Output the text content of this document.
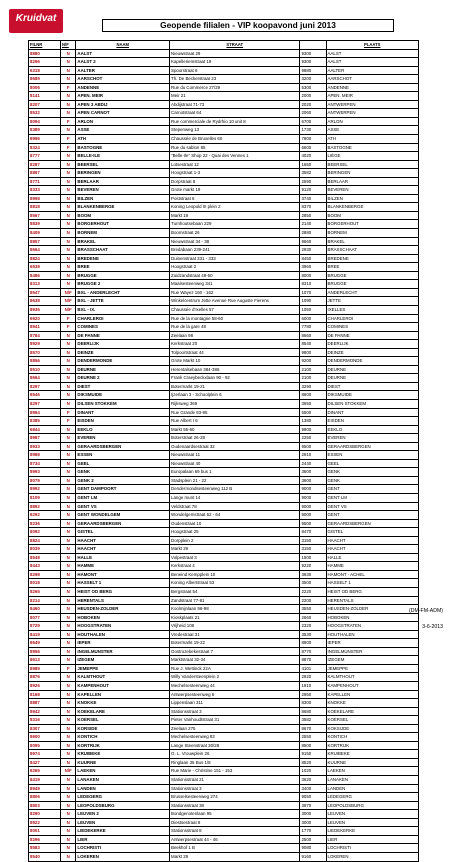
Kruidvat
Geopende filialen - VIP koopavond juni 2013
FILNR	N/F	NAAM	STRAAT		PLAATS
8880	N	AALST	Nieuwstraat 29	9300	AALST
8296	N	AALST 2	Kapelleriemstraat 19	9300	AALST
6318	N	AALTER	Spoorstraat 6	9880	AALTER
8689	N	AARSCHOT	Th. De Beckerstraat 23	3200	AARSCHOT
8006	F	ANDENNE	Rue du Commerce 27/29	5300	ANDENNE
8141	N	APEN. MEIR	Meir 21	2000	APEN. MEIR
8207	N	APEN 3 ABDIJ	Abdijstraat 71-73	2020	ANTWERPEN
8532	N	APEN CARNOT	Carnotstraat 64	2060	ANTWERPEN
8094	F	ARLON	Rue commerciale de Rydrhio 10 unit 8	6700	ARLON
8389	N	ASSE	Stepenweg 13	1730	ASSE
8996	F	ATH	Chaussée de Bruxelles 60	7800	ATH
8324	F	BASTOGNE	Rue du sablon 85	6600	BASTOGNE
8777	N	BELLE-ILE	"Belle-Ile" Shop 22 - Quai des Vennes 1	4020	LIÈGE
8287	N	BEERSEL	Lotsestraat 12	1650	BEERSEL
8867	N	BERINGEN	Hoogstraat 1-3	3582	BERINGEN
8771	N	BERLAAR	Dorpstraat 8	2590	BERLAAR
8333	N	BEVEREN	Grote markt 19	9120	BEVEREN
8998	N	BILZEN	Poststraat 6	3740	BILZEN
8818	N	BLANKENBERGE	Koning Leopold III plein 2	8370	BLANKENBERGE
8567	N	BOOM	Markt 19	2850	BOOM
8839	N	BORGERHOUT	Turnhoutsebaan 229	2140	BORGERHOUT
8409	N	BORNEM	Boomstraat 26	2880	BORNEM
8857	N	BRAKEL	Nieuwstraat 34 - 38	9660	BRAKEL
8664	N	BRASSCHAAT	Bredabaan 239-241	2930	BRASSCHAAT
8824	N	BREDENE	Duinenstraat 331 - 333	8450	BREDENE
6538	N	BREE	Hoogstraat 2	3960	BREE
8486	N	BRUGGE	Zuidzandstraat 48-50	8000	BRUGGE
8313	N	BRUGGE 2	Maalsesteenweg 341	8310	BRUGGE
8547	N/F	BXL - ANDERLECHT	Rue Wayez 160 - 162	1070	ANDERLECHT
8638	N/F	BXL - JETTE	Winkelcentrum Jette Avenue Rue Auguste Fierens	1090	JETTE
8936	N/F	BXL - IX.	Chaussée d'Ixelles 57	1050	IXELLES
6920	F	CHARLEROI	Rue de la montagne 58-60	6000	CHARLEROI
8941	F	COMINES	Rue de la gare 48	7780	COMINES
8784	N	DE PANNE	Zeelaan 98	8660	DE PANNE
8929	N	DEERLIJK	Kerkstraat 20	8540	DEERLIJK
8570	N	DEINZE	Tolpoortstraat 44	9800	DEINZE
8856	N	DENDERMONDE	Grote Markt 10	9200	DENDERMONDE
8510	N	DEURNE	Herentalsebaan 384-386	2100	DEURNE
8664	N	DEURNE 2	Frank Craeybeckxlaan 90 - 92	2100	DEURNE
8297	N	DIEST	Botermarkt 19-21	3290	DIEST
8546	N	DIKSMUIDE	Ijzerlaan 3 - Schoolplein 6	8600	DIKSMUIDE
8297	N	DILSEN STOKKEM	Rijksweg 369	3650	DILSEN STOKKEM
8994	F	DINANT	Rue Grande 93-95	5500	DINANT
8385	F	EISDEN	Rue Albert I 6	1380	EISDEN
6844	N	EEKLO	Markt 55-60	9900	EEKLO
8987	N	EVEREN	Boterstraat 26-28	2250	EVEREN
8933	N	GERAARDSBERGEN	Oudenaardsestraat 32	9500	GERAARDSBERGEN
8988	N	ESSEN	Nieuwstraat 11	2910	ESSEN
8734	N	GEEL	Nieuwstraat 40	2440	GEEL
8993	N	GENK	Europalaan 69 bus 1	3600	GENK
8079	N	GENK 2	Stadsplein 21 - 22	3600	GENK
8992	N	GENT DAMPOORT	Dendermondsesteenweg 112 B	9000	GENT
8109	N	GENT LM	Lange munt 14	9000	GENT LM
8892	N	GENT VS	Veldstraat 78	9000	GENT VS
8292	N	GENT WONDELGEM	Wondelgemstraat 62 - 64	9000	GENT
8236	N	GERAARDSBERGEN	Oudenstraat 10	9500	GERAARDSBERGEN
8092	N	GISTEL	Hoogstraat 25	8470	GISTEL
8824	N	HAACHT	Dorpplein 2	3150	HAACHT
8039	N	HAACHT	Markt 29	3150	HAACHT
8548	N	HALLE	Volpestraat 3	1500	HALLE
8443	N	HAMME	Kerkstraat 4	9220	HAMME
8298	N	HAMONT	Beneind Kempplein 10	3930	HAMONT - ACHEL
8018	N	HASSELT 1	Koning Albertstraat 53	3500	HASSELT 1
8265	N	HEIST OD BERG	Bergstraat 54	2220	HEIST OD BERG
8214	N	HERENTALS	Zandstraat 77-81	2200	HERENTALS
8460	N	HEUSDEN-ZOLDER	Koolmijnlaan 96-98	3550	HEUSDEN-ZOLDER
8077	N	HOBOKEN	Kioskplaats 21	2660	HOBOKEN
8729	N	HOOGSTRATEN	Vrijheid 108	2320	HOOGSTRATEN
8419	N	HOUTHALEN	Vredestraat 31	3530	HOUTHALEN
8649	N	IEPER	Botermarkt 19-22	8900	IEPER
8956	N	INGELMUNSTER	Oostrozebekestraat 7	8770	INGELMUNSTER
8613	N	IZEGEM	Marktstraat 32-34	8870	IZEGEM
8989	F	JEMEPPE	Rue J. Wettinck 22A	4101	JEMEPPE
8876	N	KALMTHOUT	Willy Vandersteenplein 2	2920	KALMTHOUT
8926	N	KAMPENHOUT	Mechelsesteenweg 44	1910	KAMPENHOUT
8168	N	KAPELLEN	Antwerpsesteenweg 6	2950	KAPELLEN
8887	N	KNOKKE	Lippenslaan 311	8300	KNOKKE
8942	N	KOEKELARE	Stationsstraat 3	8680	KOEKELARE
8316	N	KOERSEL	Pieter Vanhoudtstraat 31	3582	KOERSEL
8307	N	KORSIDE	Zeelaan 275	8670	KOKSIJDE
8600	N	KONTICH	Mechelsesteenweg 83	2550	KONTICH
8095	N	KORTRIJK	Lange Steenstraat 30/28	8500	KORTRIJK
8974	N	KRUIBEKE	O. L. Vrouwplein 26	9150	KRUIBEKE
8427	N	KUURNE	Ringlaan 35 Bus 1/8	8520	KUURNE
8265	N/F	LAEKEN	Rue Marie - Christine 151 - 153	1020	LAEKEN
8419	N	LANAKEN	Stationsstraat 21	3620	LANAKEN
8949	N	LANDEN	Stationsstraat 3	3400	LANDEN
8806	N	LEDEGERG	Brusselsesteenweg 274	9050	LEDEGERG
8803	N	LEOPOLDSBURG	Stationsstraat 38	3970	LEOPOLDSBURG
8290	N	LEUVEN 2	Bondgenotenlaan 95	3000	LEUVEN
8922	N	LEUVEN	Diestsestraat 8	3000	LEUVEN
8001	N	LIEDEKERKE	Stationsstraat 8	1770	LIEDEKERKE
8296	N	LIER	Antwerpsestraat 44 - 46	2500	LIER
8583	N	LOCHRISTI	Beekhof 1 B	9080	LOCHRISTI
8540	N	LOKEREN	Markt 29	9160	LOKEREN
(DM-FM-ADM)
3-6-2013
